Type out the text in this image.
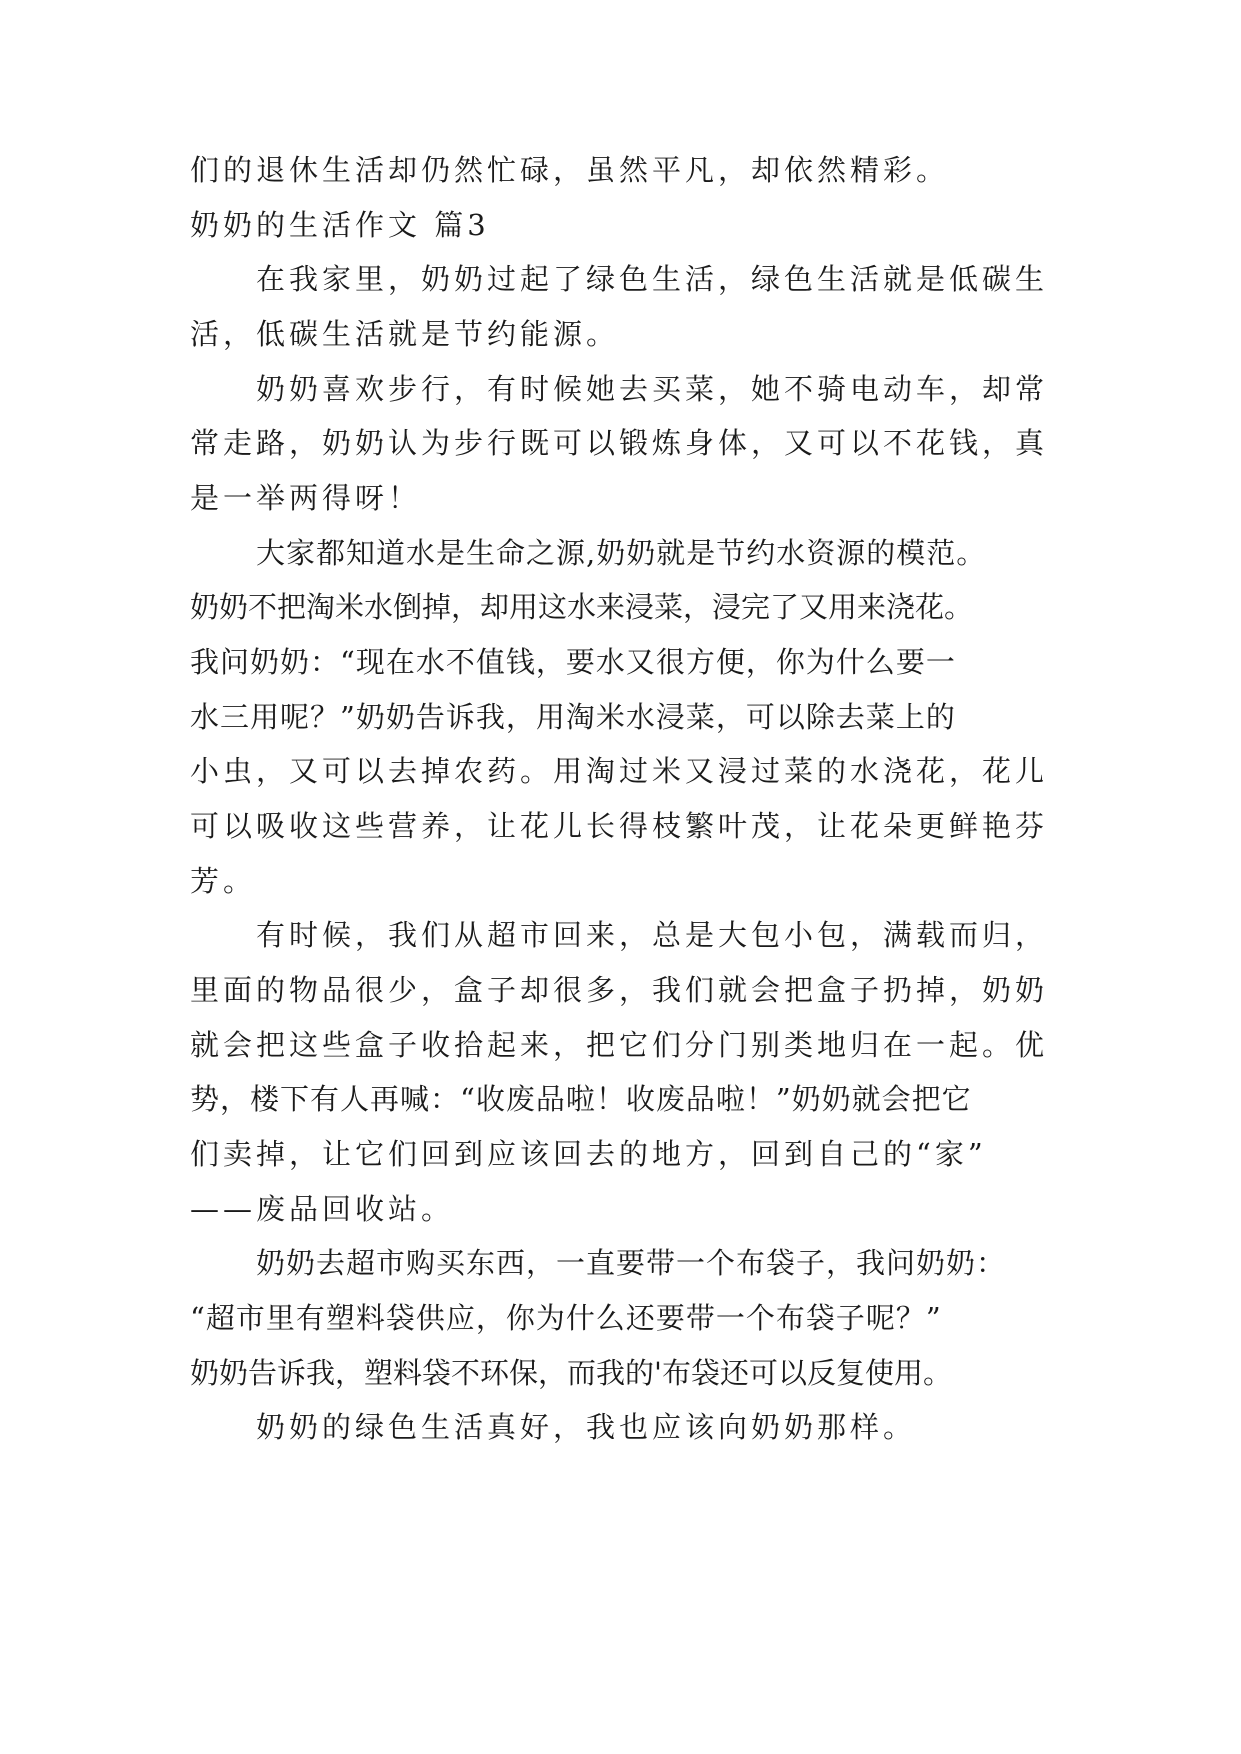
们的退休生活却仍然忙碌，虽然平凡，却依然精彩。
奶奶的生活作文 篇3
在我家里，奶奶过起了绿色生活，绿色生活就是低碳生
活，低碳生活就是节约能源。
奶奶喜欢步行，有时候她去买菜，她不骑电动车，却常
常走路，奶奶认为步行既可以锻炼身体，又可以不花钱，真
是一举两得呀！
大家都知道水是生命之源,奶奶就是节约水资源的模范。
奶奶不把淘米水倒掉，却用这水来浸菜，浸完了又用来浇花。
我问奶奶：“现在水不值钱，要水又很方便，你为什么要一
水三用呢？”奶奶告诉我，用淘米水浸菜，可以除去菜上的
小虫，又可以去掉农药。用淘过米又浸过菜的水浇花，花儿
可以吸收这些营养，让花儿长得枝繁叶茂，让花朵更鲜艳芬
芳。
有时候，我们从超市回来，总是大包小包，满载而归，
里面的物品很少，盒子却很多，我们就会把盒子扔掉，奶奶
就会把这些盒子收拾起来，把它们分门别类地归在一起。优
势，楼下有人再喊：“收废品啦！收废品啦！”奶奶就会把它
们卖掉，让它们回到应该回去的地方，回到自己的“家”
——废品回收站。
奶奶去超市购买东西，一直要带一个布袋子，我问奶奶：
“超市里有塑料袋供应，你为什么还要带一个布袋子呢？”
奶奶告诉我，塑料袋不环保，而我的'布袋还可以反复使用。
奶奶的绿色生活真好，我也应该向奶奶那样。
